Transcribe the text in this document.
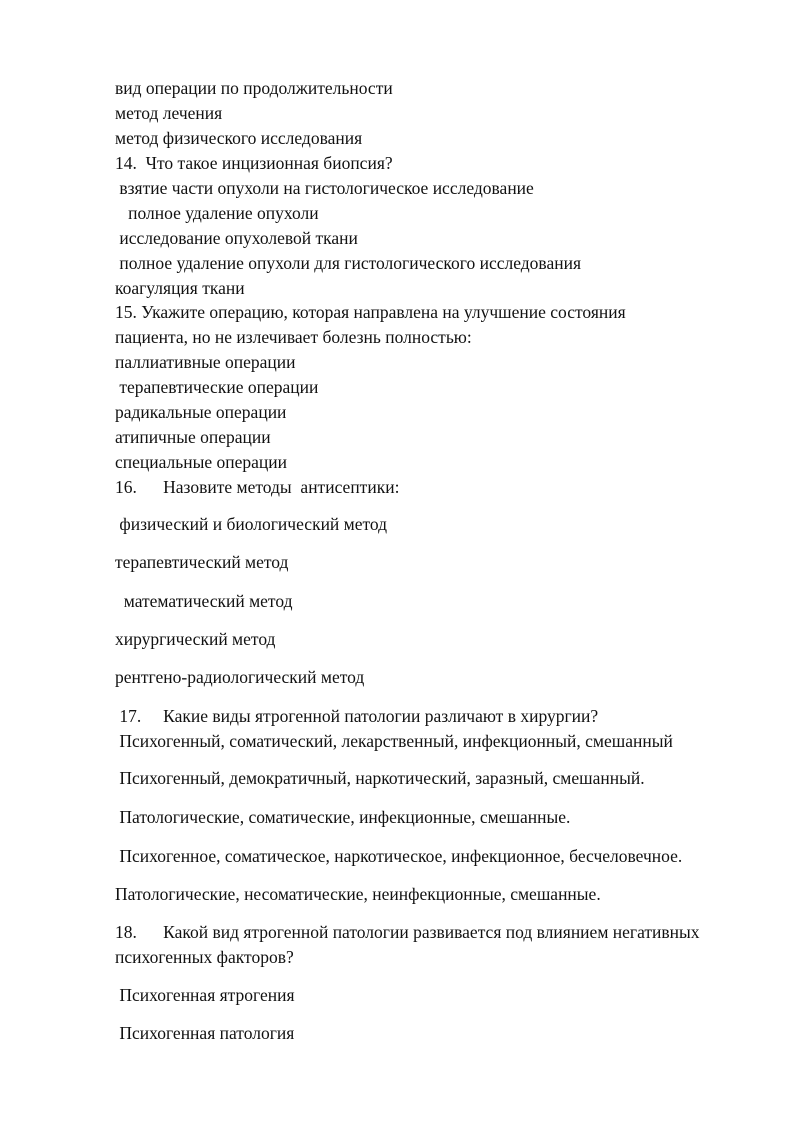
вид операции по продолжительности
метод лечения
метод физического исследования
14.  Что такое инцизионная биопсия?
взятие части опухоли на гистологическое исследование
полное удаление опухоли
исследование опухолевой ткани
полное удаление опухоли для гистологического исследования
коагуляция ткани
15. Укажите операцию, которая направлена на улучшение состояния
пациента, но не излечивает болезнь полностью:
паллиативные операции
терапевтические операции
радикальные операции
атипичные операции
специальные операции
16.      Назовите методы  антисептики:
физический и биологический метод
терапевтический метод
математический метод
хирургический метод
рентгено-радиологический метод
17.     Какие виды ятрогенной патологии различают в хирургии?
Психогенный, соматический, лекарственный, инфекционный, смешанный
Психогенный, демократичный, наркотический, заразный, смешанный.
Патологические, соматические, инфекционные, смешанные.
Психогенное, соматическое, наркотическое, инфекционное, бесчеловечное.
Патологические, несоматические, неинфекционные, смешанные.
18.      Какой вид ятрогенной патологии развивается под влиянием негативных
психогенных факторов?
Психогенная ятрогения
Психогенная патология
